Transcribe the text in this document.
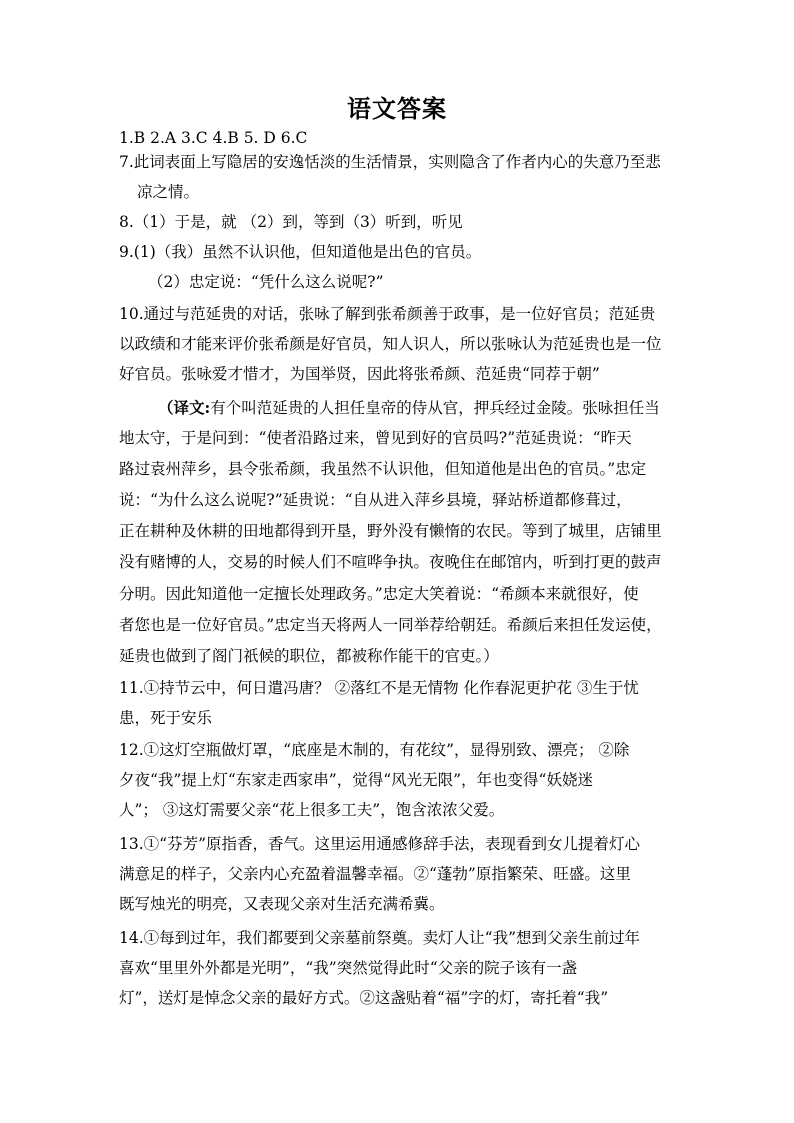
语文答案
1.B 2.A 3.C 4.B 5. D 6.C
7.此词表面上写隐居的安逸恬淡的生活情景，实则隐含了作者内心的失意乃至悲
凉之情。
8.（1）于是，就 （2）到，等到（3）听到，听见
9.(1)（我）虽然不认识他，但知道他是出色的官员。
（2）忠定说：“凭什么这么说呢?”
10.通过与范延贵的对话，张咏了解到张希颜善于政事，是一位好官员；范延贵
以政绩和才能来评价张希颜是好官员，知人识人，所以张咏认为范延贵也是一位
好官员。张咏爱才惜才，为国举贤，因此将张希颜、范延贵“同荐于朝”
（译文:有个叫范延贵的人担任皇帝的侍从官，押兵经过金陵。张咏担任当
地太守，于是问到：“使者沿路过来，曾见到好的官员吗?”范延贵说：“昨天
路过袁州萍乡，县令张希颜，我虽然不认识他，但知道他是出色的官员。”忠定
说：“为什么这么说呢?”延贵说：“自从进入萍乡县境，驿站桥道都修葺过，
正在耕种及休耕的田地都得到开垦，野外没有懒惰的农民。等到了城里，店铺里
没有赌博的人，交易的时候人们不喧哗争执。夜晚住在邮馆内，听到打更的鼓声
分明。因此知道他一定擅长处理政务。”忠定大笑着说：“希颜本来就很好，使
者您也是一位好官员。”忠定当天将两人一同举荐给朝廷。希颜后来担任发运使，
延贵也做到了阁门祇候的职位，都被称作能干的官吏。）
11.①持节云中，何日遣冯唐？ ②落红不是无情物 化作春泥更护花 ③生于忧
患，死于安乐
12.①这灯空瓶做灯罩，“底座是木制的，有花纹”，显得别致、漂亮； ②除
夕夜“我”提上灯“东家走西家串”，觉得“风光无限”，年也变得“妖娆迷
人”； ③这灯需要父亲“花上很多工夫”，饱含浓浓父爱。
13.①“芬芳”原指香，香气。这里运用通感修辞手法，表现看到女儿提着灯心
满意足的样子，父亲内心充盈着温馨幸福。②“蓬勃”原指繁荣、旺盛。这里
既写烛光的明亮，又表现父亲对生活充满希冀。
14.①每到过年，我们都要到父亲墓前祭奠。卖灯人让“我”想到父亲生前过年
喜欢“里里外外都是光明”，“我”突然觉得此时“父亲的院子该有一盏
灯”，送灯是悼念父亲的最好方式。②这盏贴着“福”字的灯，寄托着“我”
